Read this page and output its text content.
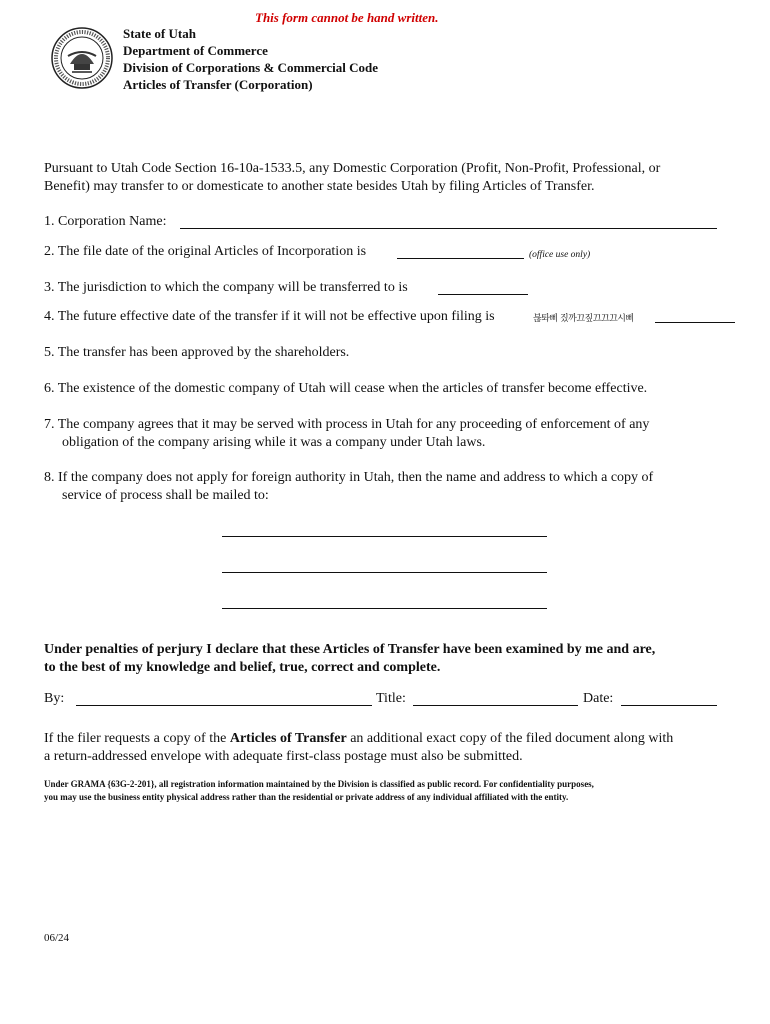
This form cannot be hand written.
State of Utah
Department of Commerce
Division of Corporations & Commercial Code
Articles of Transfer (Corporation)
Pursuant to Utah Code Section 16-10a-1533.5, any Domestic Corporation (Profit, Non-Profit, Professional, or
Benefit) may transfer to or domesticate to another state besides Utah by filing Articles of Transfer.
1. Corporation Name:
2. The file date of the original Articles of Incorporation is	(office use only)
3. The jurisdiction to which the company will be transferred to is
4. The future effective date of the transfer if it will not be effective upon filing is	븒톼삐 짔까끄짚끄끄끄시삐
5. The transfer has been approved by the shareholders.
6. The existence of the domestic company of Utah will cease when the articles of transfer become effective.
7. The company agrees that it may be served with process in Utah for any proceeding of enforcement of any
obligation of the company arising while it was a company under Utah laws.
8. If the company does not apply for foreign authority in Utah, then the name and address to which a copy of
service of process shall be mailed to:
Under penalties of perjury I declare that these Articles of Transfer have been examined by me and are,
to the best of my knowledge and belief, true, correct and complete.
By:	Title:	Date:
If the filer requests a copy of the Articles of Transfer an additional exact copy of the filed document along with
a return-addressed envelope with adequate first-class postage must also be submitted.
Under GRAMA {63G-2-201}, all registration information maintained by the Division is classified as public record. For confidentiality purposes,
you may use the business entity physical address rather than the residential or private address of any individual affiliated with the entity.
06/24
